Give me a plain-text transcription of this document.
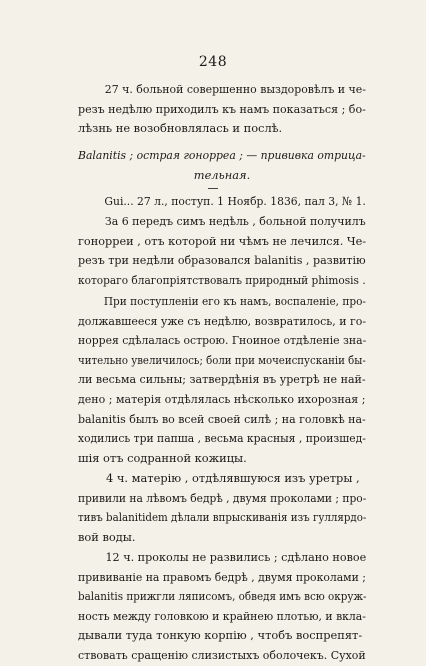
248
27 ч. больной совершенно выздоровѣлъ и че-
резъ недѣлю приходилъ къ намъ показаться ; бо-
лѣзнь не возобновлялась и послѣ.
Balanitis ; острая гонорреа ; — прививка отрица-
тельная.
Gui... 27 л., поступ. 1 Ноябр. 1836, пал 3, № 1.
За 6 передъ симъ недѣль , больной получилъ
гонорреи , отъ которой ни чѣмъ не лечился. Че-
резъ три недѣли образовался balanitis , развитію
котораго благопріятствовалъ природный phimosis .
При поступленіи его къ намъ, воспаленіе, про-
должавшееся уже съ недѣлю, возвратилось, и го-
норрея сдѣлалась острою. Гноиное отдѣленіе зна-
чительно увеличилось; боли при мочеиспусканіи бы-
ли весьма сильны; затвердѣнія въ уретрѣ не най-
дено ; матерія отдѣлялась нѣсколько ихорозная ;
balanitis былъ во всей своей силѣ ; на головкѣ на-
ходились три папша , весьма красныя , произшед-
шія отъ содранной кожицы.
4 ч. матерію , отдѣлявшуюся изъ уретры ,
привили на лѣвомъ бедрѣ , двумя проколами ; про-
тивъ balanitidem дѣлали впрыскиванія изъ гуллярдо-
вой воды.
12 ч. проколы не развились ; сдѣлано новое
прививаніе на правомъ бедрѣ , двумя проколами ;
balanitis прижгли ляписомъ, обведя имъ всю окруж-
ность между головкою и крайнею плотью, и вкла-
дывали туда тонкую корпію , чтобъ воспрепят-
ствовать сращенію слизистыхъ оболочекъ. Сухой
